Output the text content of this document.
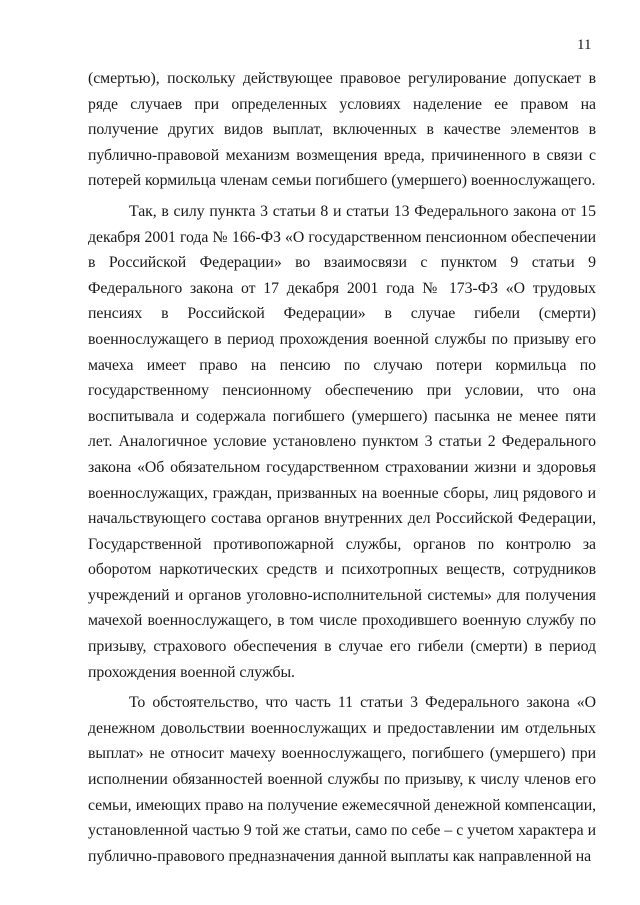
11

(смертью), поскольку действующее правовое регулирование допускает в ряде случаев при определенных условиях наделение ее правом на получение других видов выплат, включенных в качестве элементов в публично-правовой механизм возмещения вреда, причиненного в связи с потерей кормильца членам семьи погибшего (умершего) военнослужащего.

Так, в силу пункта 3 статьи 8 и статьи 13 Федерального закона от 15 декабря 2001 года № 166-ФЗ «О государственном пенсионном обеспечении в Российской Федерации» во взаимосвязи с пунктом 9 статьи 9 Федерального закона от 17 декабря 2001 года № 173-ФЗ «О трудовых пенсиях в Российской Федерации» в случае гибели (смерти) военнослужащего в период прохождения военной службы по призыву его мачеха имеет право на пенсию по случаю потери кормильца по государственному пенсионному обеспечению при условии, что она воспитывала и содержала погибшего (умершего) пасынка не менее пяти лет. Аналогичное условие установлено пунктом 3 статьи 2 Федерального закона «Об обязательном государственном страховании жизни и здоровья военнослужащих, граждан, призванных на военные сборы, лиц рядового и начальствующего состава органов внутренних дел Российской Федерации, Государственной противопожарной службы, органов по контролю за оборотом наркотических средств и психотропных веществ, сотрудников учреждений и органов уголовно-исполнительной системы» для получения мачехой военнослужащего, в том числе проходившего военную службу по призыву, страхового обеспечения в случае его гибели (смерти) в период прохождения военной службы.

То обстоятельство, что часть 11 статьи 3 Федерального закона «О денежном довольствии военнослужащих и предоставлении им отдельных выплат» не относит мачеху военнослужащего, погибшего (умершего) при исполнении обязанностей военной службы по призыву, к числу членов его семьи, имеющих право на получение ежемесячной денежной компенсации, установленной частью 9 той же статьи, само по себе – с учетом характера и публично-правового предназначения данной выплаты как направленной на
